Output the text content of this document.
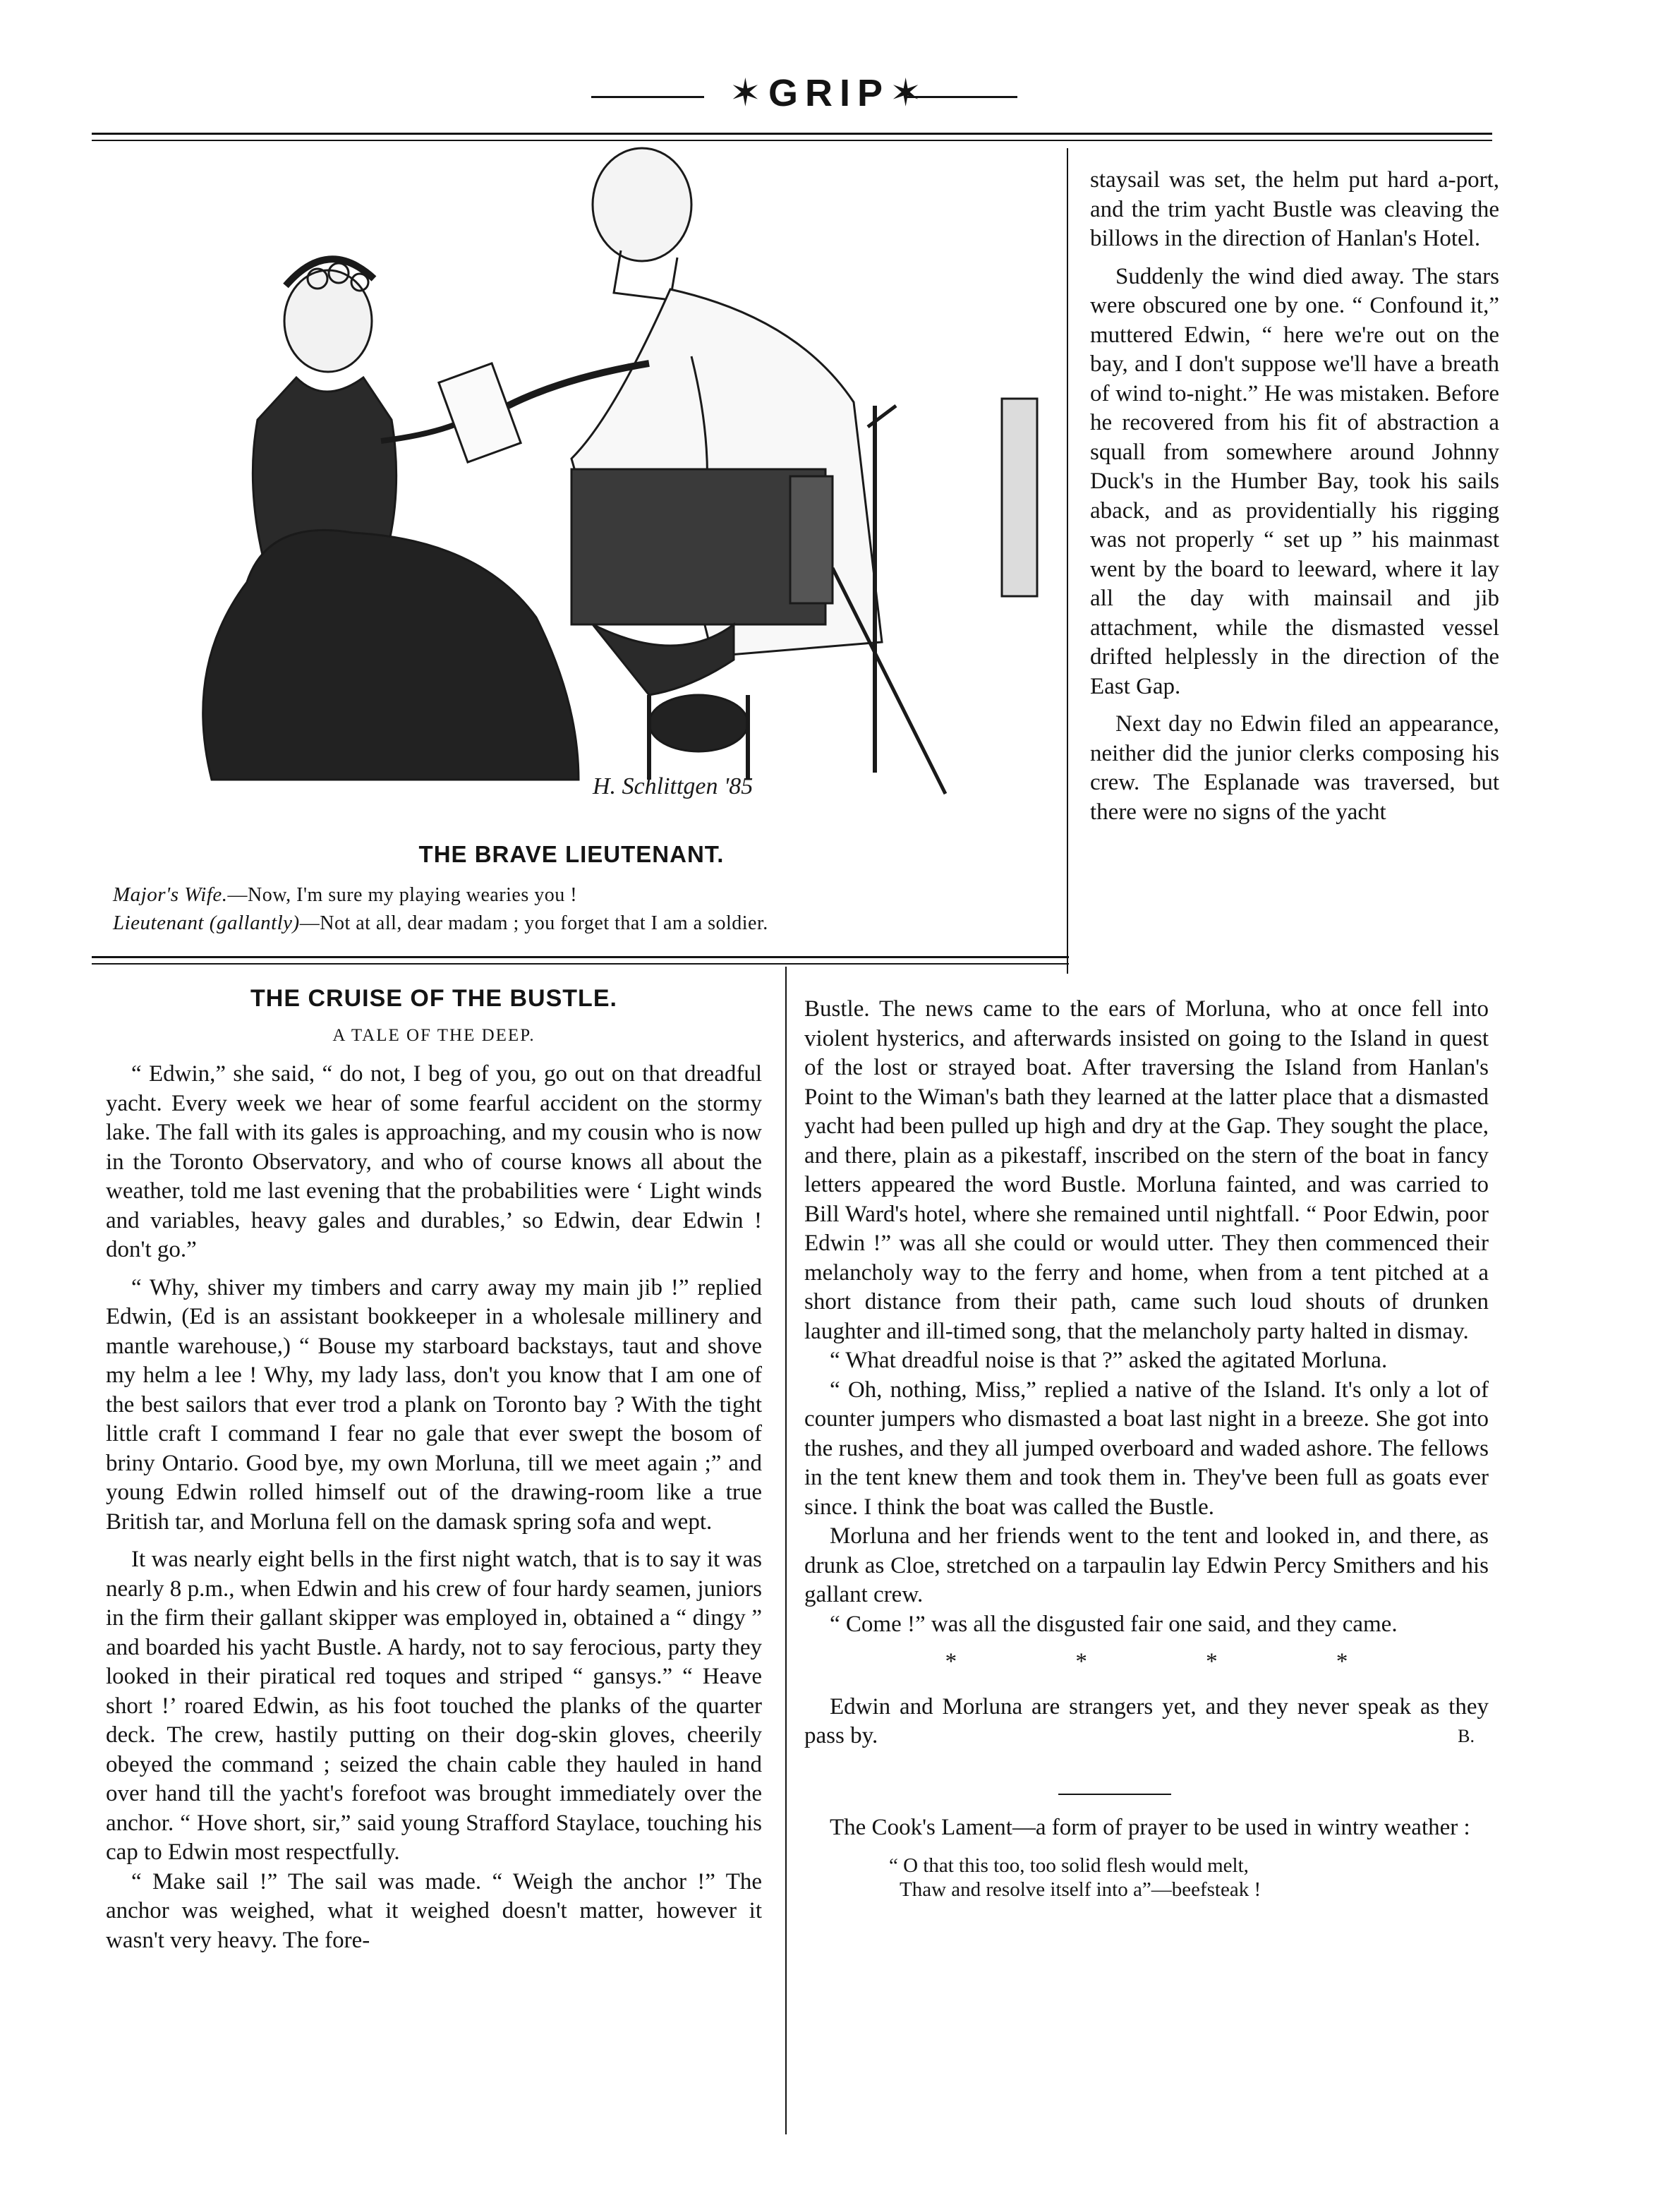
✶GRIP✶
H. Schlittgen '85
THE BRAVE LIEUTENANT.
Major's Wife.—Now, I'm sure my playing wearies you !
Lieutenant (gallantly)—Not at all, dear madam ; you forget that I am a soldier.

THE CRUISE OF THE BUSTLE.

A TALE OF THE DEEP.

“ Edwin,” she said, “ do not, I beg of you, go out on that dreadful yacht. Every week we hear of some fearful accident on the stormy lake. The fall with its gales is approaching, and my cousin who is now in the Toronto Observatory, and who of course knows all about the weather, told me last evening that the probabilities were ‘ Light winds and variables, heavy gales and durables,’ so Edwin, dear Edwin ! don't go.”

“ Why, shiver my timbers and carry away my main jib !” replied Edwin, (Ed is an assistant bookkeeper in a wholesale millinery and mantle warehouse,) “ Bouse my starboard backstays, taut and shove my helm a lee ! Why, my lady lass, don't you know that I am one of the best sailors that ever trod a plank on Toronto bay ? With the tight little craft I command I fear no gale that ever swept the bosom of briny Ontario. Good bye, my own Morluna, till we meet again ;” and young Edwin rolled himself out of the drawing-room like a true British tar, and Morluna fell on the damask spring sofa and wept.

It was nearly eight bells in the first night watch, that is to say it was nearly 8 p.m., when Edwin and his crew of four hardy seamen, juniors in the firm their gallant skipper was employed in, obtained a “ dingy ” and boarded his yacht Bustle. A hardy, not to say ferocious, party they looked in their piratical red toques and striped “ gansys.” “ Heave short !’ roared Edwin, as his foot touched the planks of the quarter deck. The crew, hastily putting on their dog-skin gloves, cheerily obeyed the command ; seized the chain cable they hauled in hand over hand till the yacht's forefoot was brought immediately over the anchor. “ Hove short, sir,” said young Strafford Staylace, touching his cap to Edwin most respectfully.

“ Make sail !” The sail was made. “ Weigh the anchor !” The anchor was weighed, what it weighed doesn't matter, however it wasn't very heavy. The fore-

staysail was set, the helm put hard a-port, and the trim yacht Bustle was cleaving the billows in the direction of Hanlan's Hotel.

Suddenly the wind died away. The stars were obscured one by one. “ Confound it,” muttered Edwin, “ here we're out on the bay, and I don't suppose we'll have a breath of wind to-night.” He was mistaken. Before he recovered from his fit of abstraction a squall from somewhere around Johnny Duck's in the Humber Bay, took his sails aback, and as providentially his rigging was not properly “ set up ” his mainmast went by the board to leeward, where it lay all the day with mainsail and jib attachment, while the dismasted vessel drifted helplessly in the direction of the East Gap.

Next day no Edwin filed an appearance, neither did the junior clerks composing his crew. The Esplanade was traversed, but there were no signs of the yacht

Bustle. The news came to the ears of Morluna, who at once fell into violent hysterics, and afterwards insisted on going to the Island in quest of the lost or strayed boat. After traversing the Island from Hanlan's Point to the Wiman's bath they learned at the latter place that a dismasted yacht had been pulled up high and dry at the Gap. They sought the place, and there, plain as a pikestaff, inscribed on the stern of the boat in fancy letters appeared the word Bustle. Morluna fainted, and was carried to Bill Ward's hotel, where she remained until nightfall. “ Poor Edwin, poor Edwin !” was all she could or would utter. They then commenced their melancholy way to the ferry and home, when from a tent pitched at a short distance from their path, came such loud shouts of drunken laughter and ill-timed song, that the melancholy party halted in dismay.

“ What dreadful noise is that ?” asked the agitated Morluna.

“ Oh, nothing, Miss,” replied a native of the Island. It's only a lot of counter jumpers who dismasted a boat last night in a breeze. She got into the rushes, and they all jumped overboard and waded ashore. The fellows in the tent knew them and took them in. They've been full as goats ever since. I think the boat was called the Bustle.

Morluna and her friends went to the tent and looked in, and there, as drunk as Cloe, stretched on a tarpaulin lay Edwin Percy Smithers and his gallant crew.

“ Come !” was all the disgusted fair one said, and they came.

* * * *

Edwin and Morluna are strangers yet, and they never speak as they pass by.	B.

The Cook's Lament—a form of prayer to be used in wintry weather :

“ O that this too, too solid flesh would melt,

Thaw and resolve itself into a”—beefsteak !
